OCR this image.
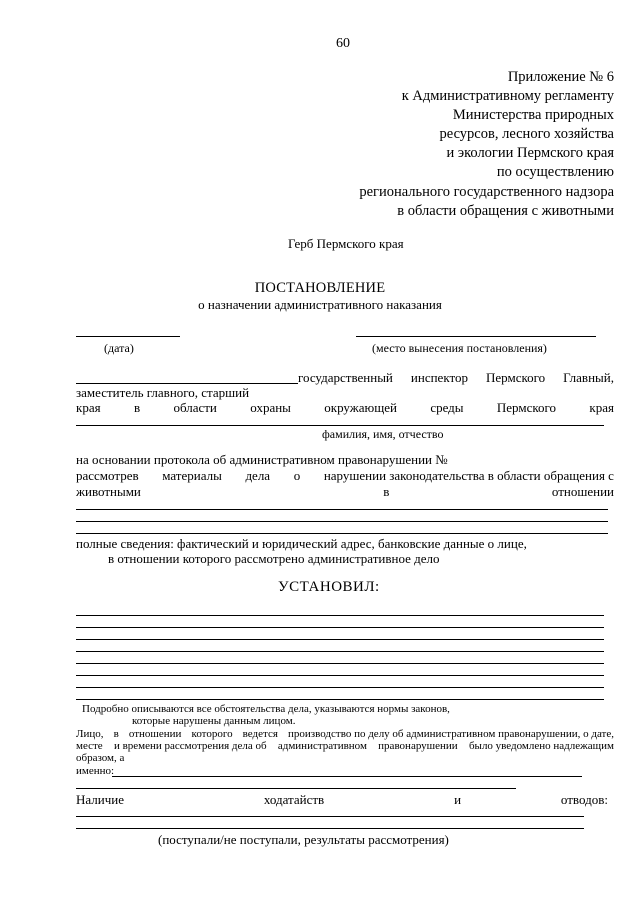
60
Приложение № 6
к Административному регламенту
Министерства природных
ресурсов, лесного хозяйства
и экологии Пермского края
по осуществлению
регионального государственного надзора
в области обращения с животными
Герб Пермского края
ПОСТАНОВЛЕНИЕ
о назначении административного наказания
(дата)	(место вынесения постановления)
государственный инспектор Пермского Главный,
заместитель главного, старший
края	в	области	охраны	окружающей	среды	Пермского	края
фамилия, имя, отчество
на основании протокола об административном правонарушении №
рассмотрев материалы дела о нарушении законодательства в области обращения с
животными	в	отношении
полные сведения: фактический и юридический адрес, банковские данные о лице,
в отношении которого рассмотрено административное дело
УСТАНОВИЛ:
Подробно описываются все обстоятельства дела, указываются нормы законов,
которые нарушены данным лицом.
Лицо, в отношении которого ведется производство по делу об административном правонарушении, о дате,
месте и времени рассмотрения дела об административном правонарушении было уведомлено надлежащим
образом, а
именно:
Наличие	ходатайств	и	отводов:
(поступали/не поступали, результаты рассмотрения)
